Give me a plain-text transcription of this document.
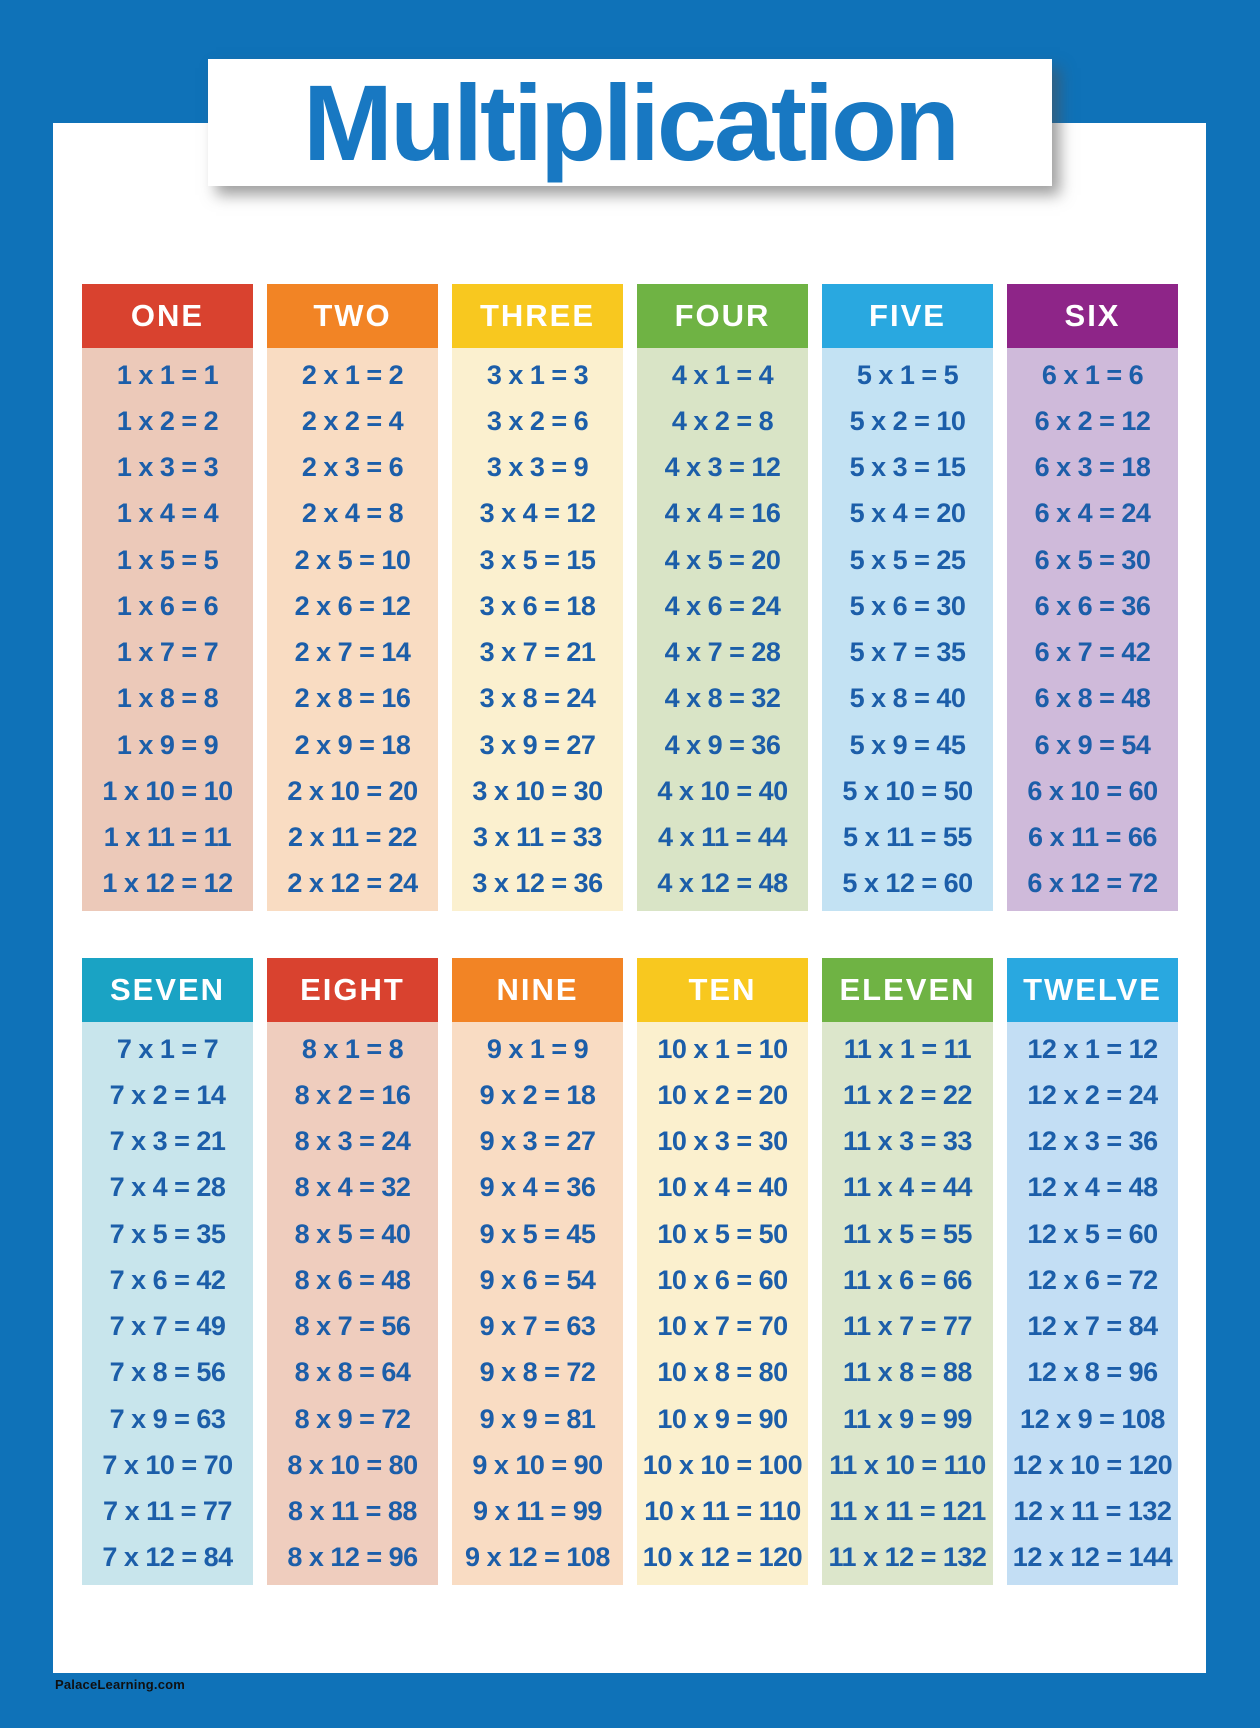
Multiplication
ONE
1 x 1 = 1
1 x 2 = 2
1 x 3 = 3
1 x 4 = 4
1 x 5 = 5
1 x 6 = 6
1 x 7 = 7
1 x 8 = 8
1 x 9 = 9
1 x 10 = 10
1 x 11 = 11
1 x 12 = 12
TWO
2 x 1 = 2
2 x 2 = 4
2 x 3 = 6
2 x 4 = 8
2 x 5 = 10
2 x 6 = 12
2 x 7 = 14
2 x 8 = 16
2 x 9 = 18
2 x 10 = 20
2 x 11 = 22
2 x 12 = 24
THREE
3 x 1 = 3
3 x 2 = 6
3 x 3 = 9
3 x 4 = 12
3 x 5 = 15
3 x 6 = 18
3 x 7 = 21
3 x 8 = 24
3 x 9 = 27
3 x 10 = 30
3 x 11 = 33
3 x 12 = 36
FOUR
4 x 1 = 4
4 x 2 = 8
4 x 3 = 12
4 x 4 = 16
4 x 5 = 20
4 x 6 = 24
4 x 7 = 28
4 x 8 = 32
4 x 9 = 36
4 x 10 = 40
4 x 11 = 44
4 x 12 = 48
FIVE
5 x 1 = 5
5 x 2 = 10
5 x 3 = 15
5 x 4 = 20
5 x 5 = 25
5 x 6 = 30
5 x 7 = 35
5 x 8 = 40
5 x 9 = 45
5 x 10 = 50
5 x 11 = 55
5 x 12 = 60
SIX
6 x 1 = 6
6 x 2 = 12
6 x 3 = 18
6 x 4 = 24
6 x 5 = 30
6 x 6 = 36
6 x 7 = 42
6 x 8 = 48
6 x 9 = 54
6 x 10 = 60
6 x 11 = 66
6 x 12 = 72
SEVEN
7 x 1 = 7
7 x 2 = 14
7 x 3 = 21
7 x 4 = 28
7 x 5 = 35
7 x 6 = 42
7 x 7 = 49
7 x 8 = 56
7 x 9 = 63
7 x 10 = 70
7 x 11 = 77
7 x 12 = 84
EIGHT
8 x 1 = 8
8 x 2 = 16
8 x 3 = 24
8 x 4 = 32
8 x 5 = 40
8 x 6 = 48
8 x 7 = 56
8 x 8 = 64
8 x 9 = 72
8 x 10 = 80
8 x 11 = 88
8 x 12 = 96
NINE
9 x 1 = 9
9 x 2 = 18
9 x 3 = 27
9 x 4 = 36
9 x 5 = 45
9 x 6 = 54
9 x 7 = 63
9 x 8 = 72
9 x 9 = 81
9 x 10 = 90
9 x 11 = 99
9 x 12 = 108
TEN
10 x 1 = 10
10 x 2 = 20
10 x 3 = 30
10 x 4 = 40
10 x 5 = 50
10 x 6 = 60
10 x 7 = 70
10 x 8 = 80
10 x 9 = 90
10 x 10 = 100
10 x 11 = 110
10 x 12 = 120
ELEVEN
11 x 1 = 11
11 x 2 = 22
11 x 3 = 33
11 x 4 = 44
11 x 5 = 55
11 x 6 = 66
11 x 7 = 77
11 x 8 = 88
11 x 9 = 99
11 x 10 = 110
11 x 11 = 121
11 x 12 = 132
TWELVE
12 x 1 = 12
12 x 2 = 24
12 x 3 = 36
12 x 4 = 48
12 x 5 = 60
12 x 6 = 72
12 x 7 = 84
12 x 8 = 96
12 x 9 = 108
12 x 10 = 120
12 x 11 = 132
12 x 12 = 144
PalaceLearning.com
